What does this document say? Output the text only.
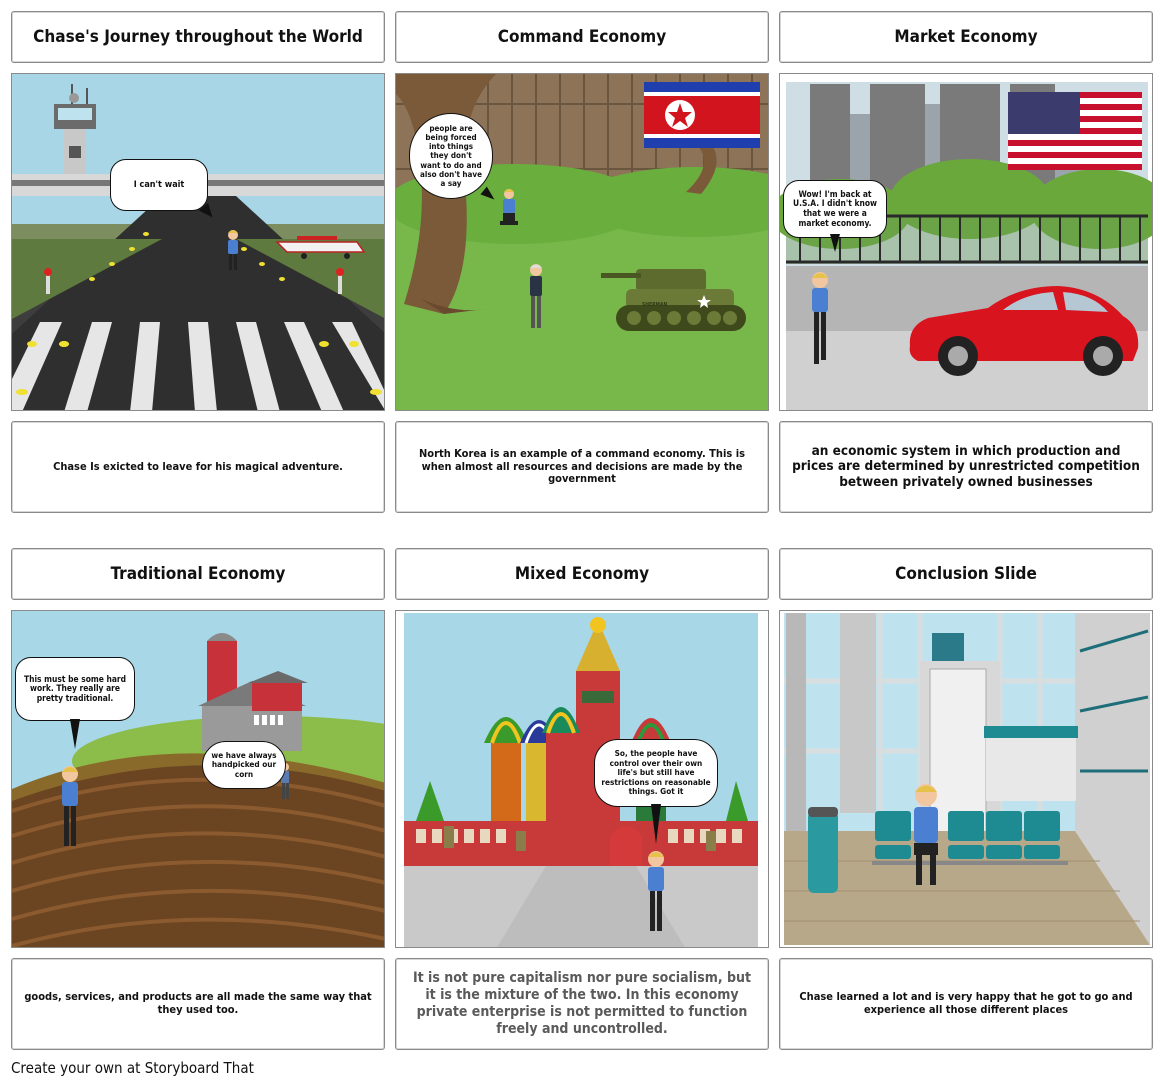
Chase's Journey throughout the World	Command Economy	Market Economy
I can't wait
SHERMAN
people are being forced into things they don't want to do and also don't have a say
Wow! I'm back at U.S.A. I didn't know that we were a market economy.
Chase Is exicted to leave for his magical adventure.
North Korea is an example of a command economy. This is when almost all resources and decisions are made by the government
an economic system in which production and prices are determined by unrestricted competition between privately owned businesses
Traditional Economy	Mixed Economy	Conclusion Slide
This must be some hard work. They really are pretty traditional.
we have always handpicked our corn
So, the people have control over their own life's but still have restrictions on reasonable things. Got it
goods, services, and products are all made the same way that they used too.
It is not pure capitalism nor pure socialism, but it is the mixture of the two. In this economy private enterprise is not permitted to function freely and uncontrolled.
Chase learned a lot and is very happy that he got to go and experience all those different places
Create your own at Storyboard That
